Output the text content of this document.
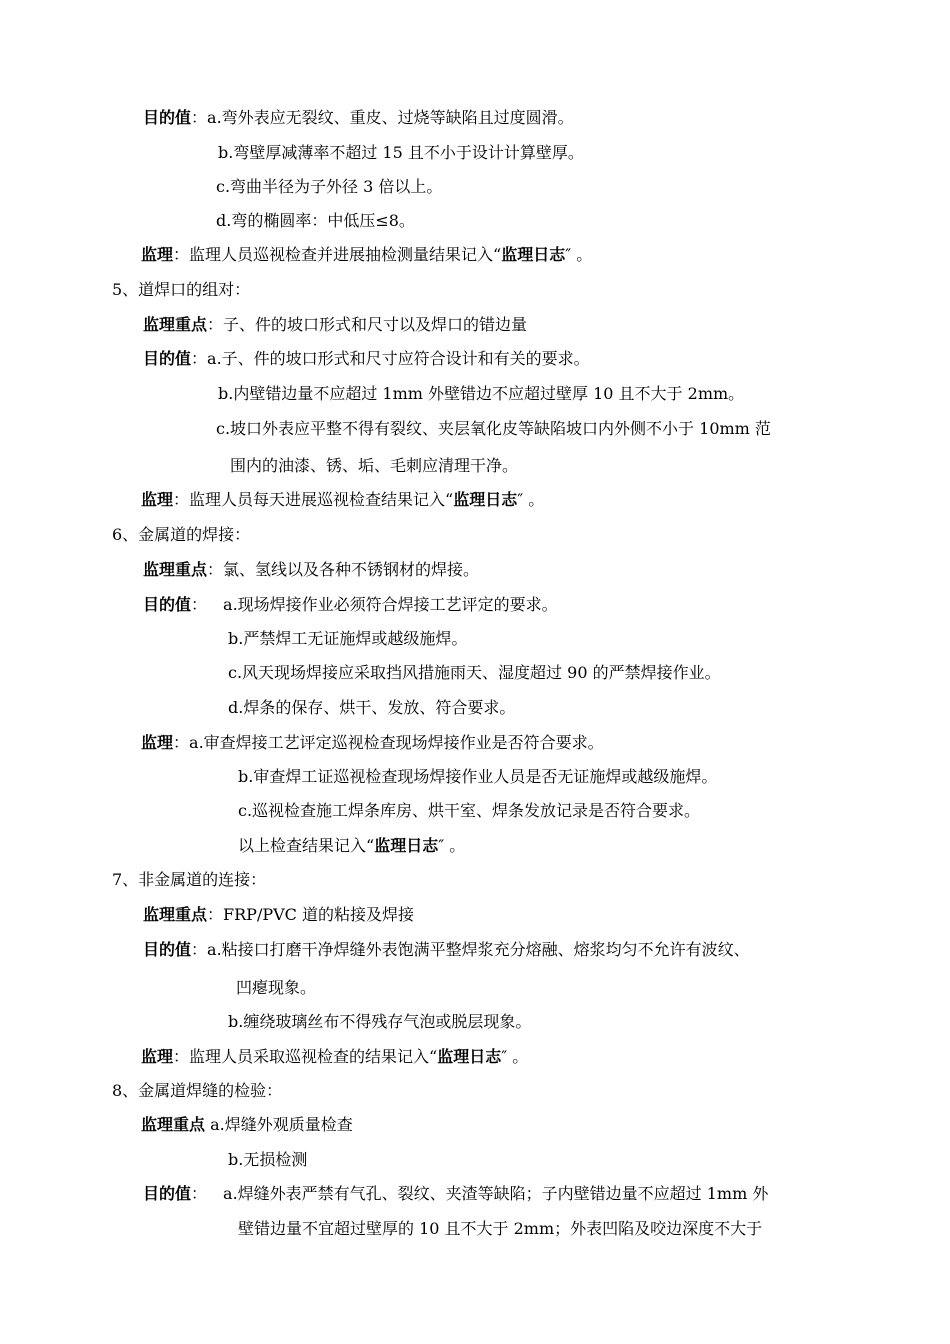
目的值：a.弯外表应无裂纹、重皮、过烧等缺陷且过度圆滑。
b.弯壁厚减薄率不超过 15 且不小于设计计算壁厚。
c.弯曲半径为子外径 3 倍以上。
d.弯的椭圆率：中低压≤8。
监理：监理人员巡视检查并进展抽检测量结果记入“监理日志″ 。
5、道焊口的组对：
监理重点：子、件的坡口形式和尺寸以及焊口的错边量
目的值：a.子、件的坡口形式和尺寸应符合设计和有关的要求。
b.内壁错边量不应超过 1mm 外壁错边不应超过壁厚 10 且不大于 2mm。
c.坡口外表应平整不得有裂纹、夹层氧化皮等缺陷坡口内外侧不小于 10mm 范
围内的油漆、锈、垢、毛刺应清理干净。
监理：监理人员每天进展巡视检查结果记入“监理日志″ 。
6、金属道的焊接：
监理重点：氯、氢线以及各种不锈钢材的焊接。
目的值： a.现场焊接作业必须符合焊接工艺评定的要求。
b.严禁焊工无证施焊或越级施焊。
c.风天现场焊接应采取挡风措施雨天、湿度超过 90 的严禁焊接作业。
d.焊条的保存、烘干、发放、符合要求。
监理：a.审查焊接工艺评定巡视检查现场焊接作业是否符合要求。
b.审查焊工证巡视检查现场焊接作业人员是否无证施焊或越级施焊。
c.巡视检查施工焊条库房、烘干室、焊条发放记录是否符合要求。
以上检查结果记入“监理日志″ 。
7、非金属道的连接：
监理重点：FRP/PVC 道的粘接及焊接
目的值：a.粘接口打磨干净焊缝外表饱满平整焊浆充分熔融、熔浆均匀不允许有波纹、
凹瘪现象。
b.缠绕玻璃丝布不得残存气泡或脱层现象。
监理：监理人员采取巡视检查的结果记入“监理日志″ 。
8、金属道焊缝的检验：
监理重点 a.焊缝外观质量检查
b.无损检测
目的值： a.焊缝外表严禁有气孔、裂纹、夹渣等缺陷；子内壁错边量不应超过 1mm 外
壁错边量不宜超过壁厚的 10 且不大于 2mm；外表凹陷及咬边深度不大于
